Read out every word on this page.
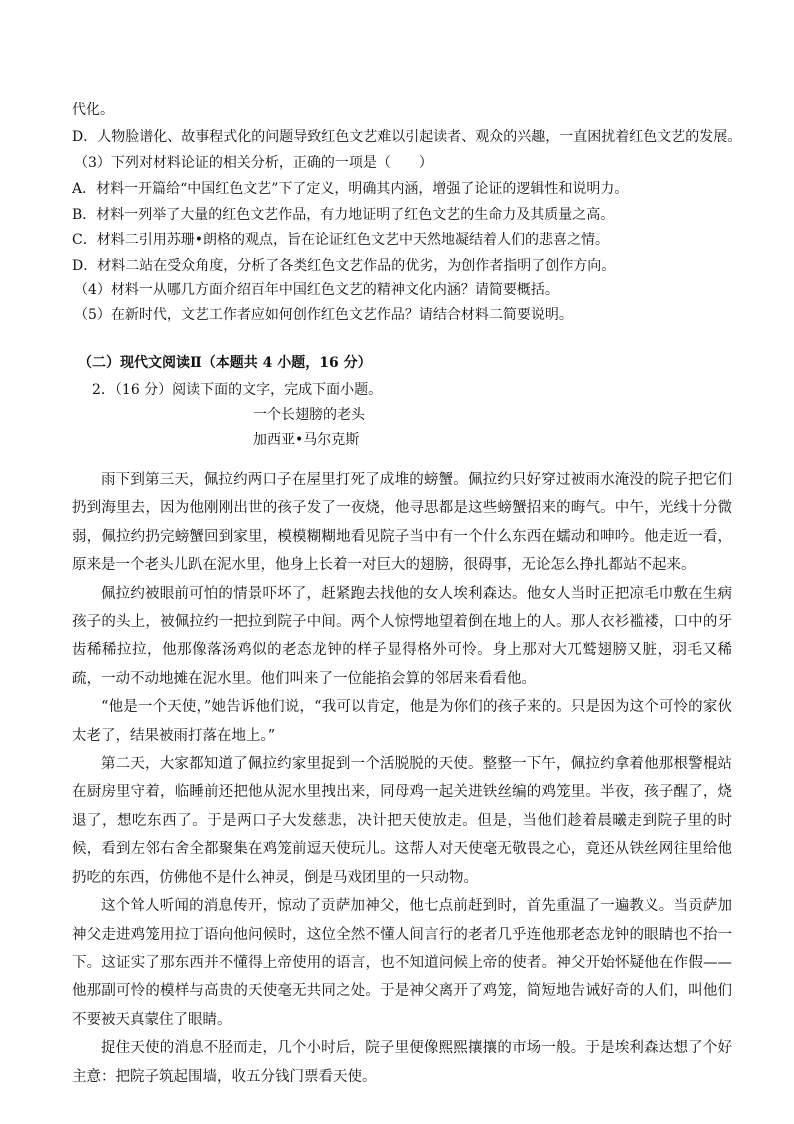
代化。
D．人物脸谱化、故事程式化的问题导致红色文艺难以引起读者、观众的兴趣，一直困扰着红色文艺的发展。
（3）下列对材料论证的相关分析，正确的一项是（　　）
A．材料一开篇给“中国红色文艺”下了定义，明确其内涵，增强了论证的逻辑性和说明力。
B．材料一列举了大量的红色文艺作品，有力地证明了红色文艺的生命力及其质量之高。
C．材料二引用苏珊•朗格的观点，旨在论证红色文艺中天然地凝结着人们的悲喜之情。
D．材料二站在受众角度，分析了各类红色文艺作品的优劣，为创作者指明了创作方向。
（4）材料一从哪几方面介绍百年中国红色文艺的精神文化内涵？请简要概括。
（5）在新时代，文艺工作者应如何创作红色文艺作品？请结合材料二简要说明。
（二）现代文阅读Ⅱ（本题共 4 小题，16 分）
2．（16 分）阅读下面的文字，完成下面小题。
一个长翅膀的老头
加西亚•马尔克斯

雨下到第三天，佩拉约两口子在屋里打死了成堆的螃蟹。佩拉约只好穿过被雨水淹没的院子把它们扔到海里去，因为他刚刚出世的孩子发了一夜烧，他寻思都是这些螃蟹招来的晦气。中午，光线十分微弱，佩拉约扔完螃蟹回到家里，模模糊糊地看见院子当中有一个什么东西在蠕动和呻吟。他走近一看，原来是一个老头儿趴在泥水里，他身上长着一对巨大的翅膀，很碍事，无论怎么挣扎都站不起来。

佩拉约被眼前可怕的情景吓坏了，赶紧跑去找他的女人埃利森达。他女人当时正把凉毛巾敷在生病孩子的头上，被佩拉约一把拉到院子中间。两个人惊愕地望着倒在地上的人。那人衣衫褴褛，口中的牙齿稀稀拉拉，他那像落汤鸡似的老态龙钟的样子显得格外可怜。身上那对大兀鹫翅膀又脏，羽毛又稀疏，一动不动地摊在泥水里。他们叫来了一位能掐会算的邻居来看看他。

“他是一个天使，”她告诉他们说，“我可以肯定，他是为你们的孩子来的。只是因为这个可怜的家伙太老了，结果被雨打落在地上。”

第二天，大家都知道了佩拉约家里捉到一个活脱脱的天使。整整一下午，佩拉约拿着他那根警棍站在厨房里守着，临睡前还把他从泥水里拽出来，同母鸡一起关进铁丝编的鸡笼里。半夜，孩子醒了，烧退了，想吃东西了。于是两口子大发慈悲，决计把天使放走。但是，当他们趁着晨曦走到院子里的时候，看到左邻右舍全都聚集在鸡笼前逗天使玩儿。这帮人对天使毫无敬畏之心，竟还从铁丝网往里给他扔吃的东西，仿佛他不是什么神灵，倒是马戏团里的一只动物。

这个耸人听闻的消息传开，惊动了贡萨加神父，他七点前赶到时，首先重温了一遍教义。当贡萨加神父走进鸡笼用拉丁语向他问候时，这位全然不懂人间言行的老者几乎连他那老态龙钟的眼睛也不抬一下。这证实了那东西并不懂得上帝使用的语言，也不知道问候上帝的使者。神父开始怀疑他在作假——他那副可怜的模样与高贵的天使毫无共同之处。于是神父离开了鸡笼，简短地告诫好奇的人们，叫他们不要被天真蒙住了眼睛。

捉住天使的消息不胫而走，几个小时后，院子里便像熙熙攘攘的市场一般。于是埃利森达想了个好主意：把院子筑起围墙，收五分钱门票看天使。
